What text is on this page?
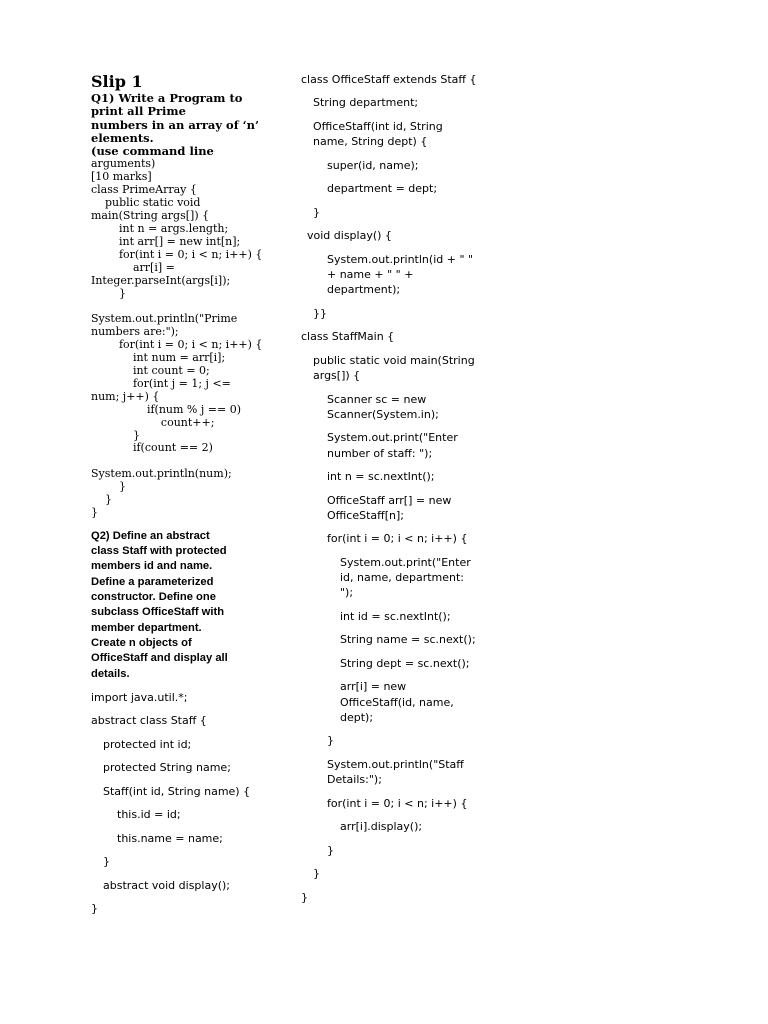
Slip 1
Q1) Write a Program to
print all Prime
numbers in an array of ‘n’
elements.
(use command line
arguments)
[10 marks]
class PrimeArray {
public static void
main(String args[]) {
int n = args.length;
int arr[] = new int[n];
for(int i = 0; i < n; i++) {
arr[i] =
Integer.parseInt(args[i]);
}
System.out.println("Prime
numbers are:");
for(int i = 0; i < n; i++) {
int num = arr[i];
int count = 0;
for(int j = 1; j <=
num; j++) {
if(num % j == 0)
count++;
}
if(count == 2)
System.out.println(num);
}
}
}
Q2) Define an abstract
class Staff with protected
members id and name.
Define a parameterized
constructor. Define one
subclass OfficeStaff with
member department.
Create n objects of
OfficeStaff and display all
details.
import java.util.*;
abstract class Staff {
protected int id;
protected String name;
Staff(int id, String name) {
this.id = id;
this.name = name;
}
abstract void display();
}
class OfficeStaff extends Staff {
String department;
OfficeStaff(int id, String name, String dept) {
super(id, name);
department = dept;
}
void display() {
System.out.println(id + " " + name + " " + department);
}}
class StaffMain {
public static void main(String args[]) {
Scanner sc = new Scanner(System.in);
System.out.print("Enter number of staff: ");
int n = sc.nextInt();
OfficeStaff arr[] = new OfficeStaff[n];
for(int i = 0; i < n; i++) {
System.out.print("Enter id, name, department: ");
int id = sc.nextInt();
String name = sc.next();
String dept = sc.next();
arr[i] = new OfficeStaff(id, name, dept);
}
System.out.println("Staff Details:");
for(int i = 0; i < n; i++) {
arr[i].display();
}
}
}
